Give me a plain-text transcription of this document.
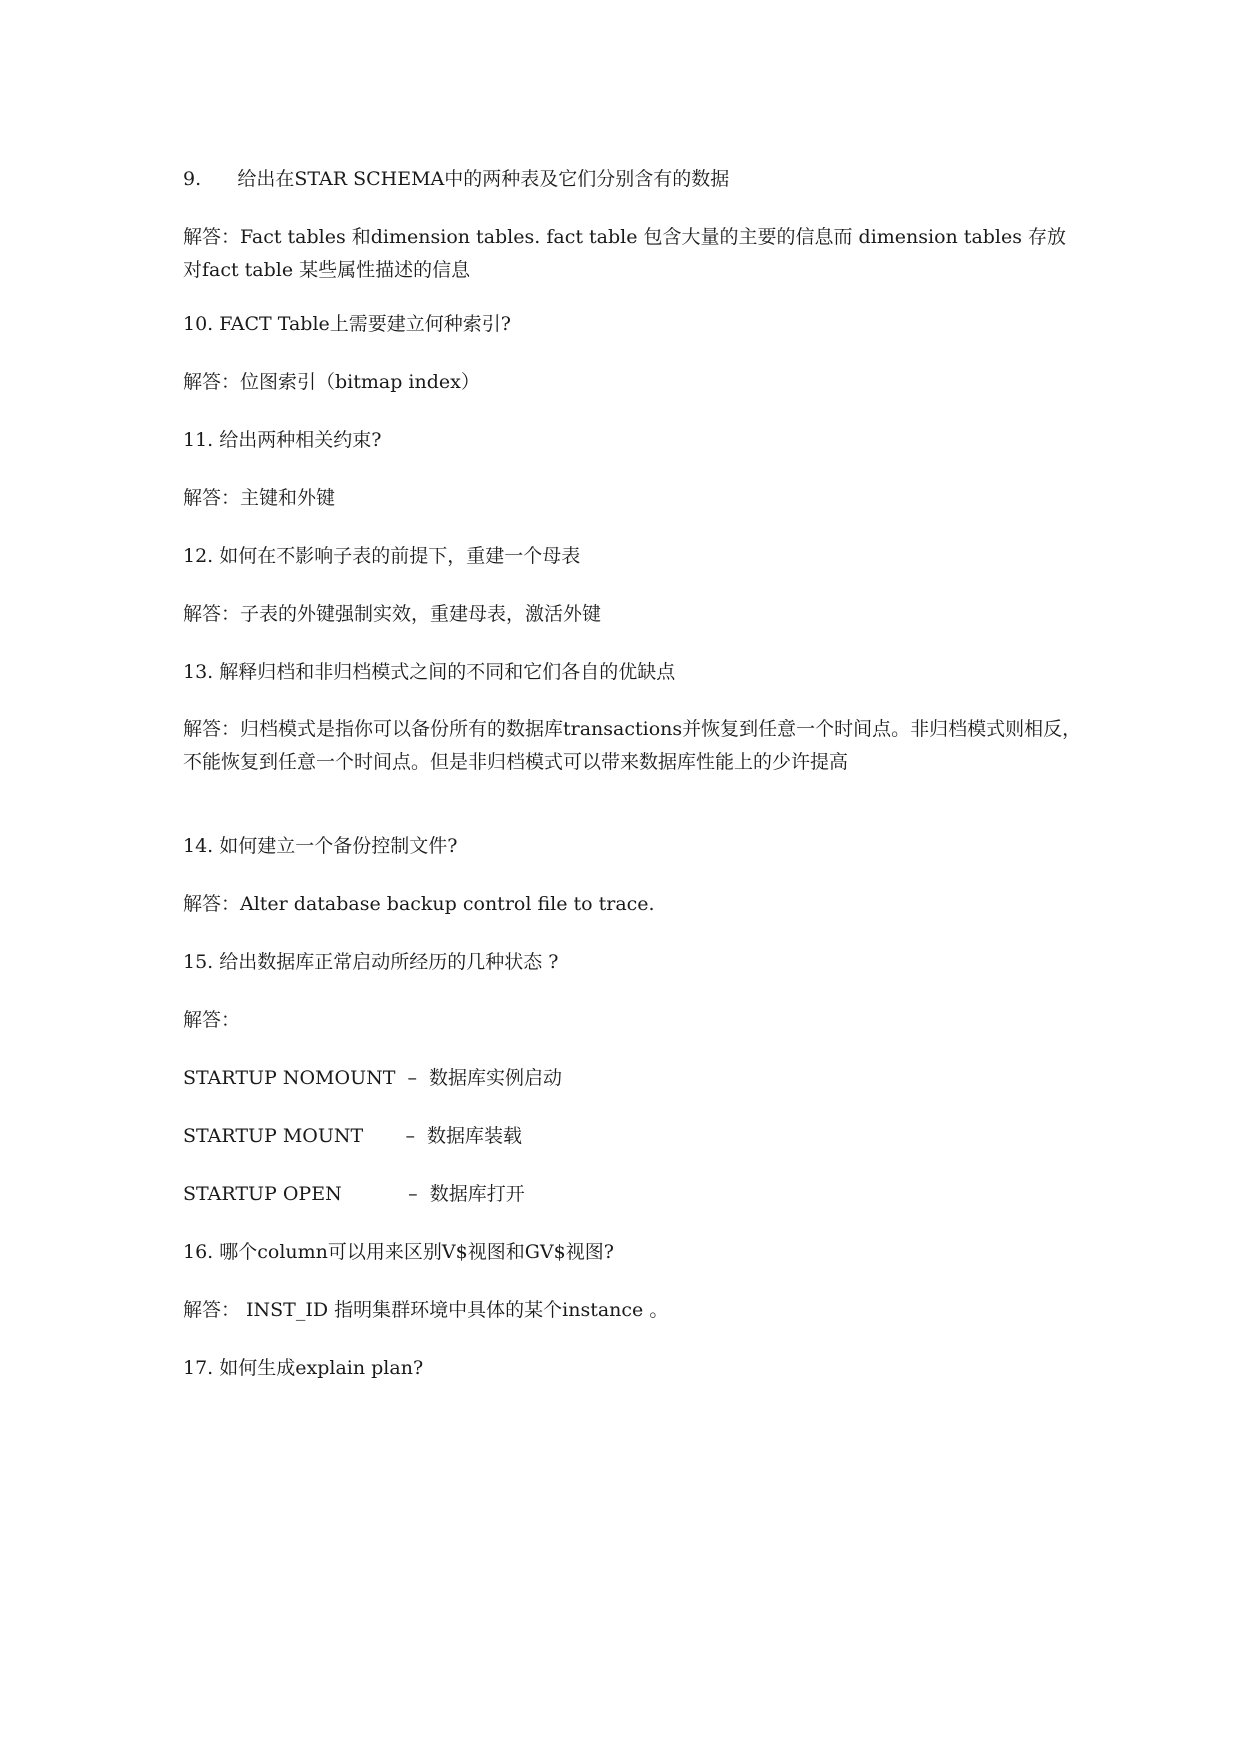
9.      给出在STAR SCHEMA中的两种表及它们分别含有的数据
解答：Fact tables 和dimension tables. fact table 包含大量的主要的信息而 dimension tables 存放对fact table 某些属性描述的信息
10. FACT Table上需要建立何种索引?
解答：位图索引（bitmap index）
11. 给出两种相关约束?
解答：主键和外键
12. 如何在不影响子表的前提下，重建一个母表
解答：子表的外键强制实效，重建母表，激活外键
13. 解释归档和非归档模式之间的不同和它们各自的优缺点
解答：归档模式是指你可以备份所有的数据库transactions并恢复到任意一个时间点。非归档模式则相反，不能恢复到任意一个时间点。但是非归档模式可以带来数据库性能上的少许提高
14. 如何建立一个备份控制文件?
解答：Alter database backup control file to trace.
15. 给出数据库正常启动所经历的几种状态 ?
解答：
STARTUP NOMOUNT  –  数据库实例启动
STARTUP MOUNT       –  数据库装载
STARTUP OPEN           –  数据库打开
16. 哪个column可以用来区别V$视图和GV$视图?
解答： INST_ID 指明集群环境中具体的某个instance 。
17. 如何生成explain plan?
